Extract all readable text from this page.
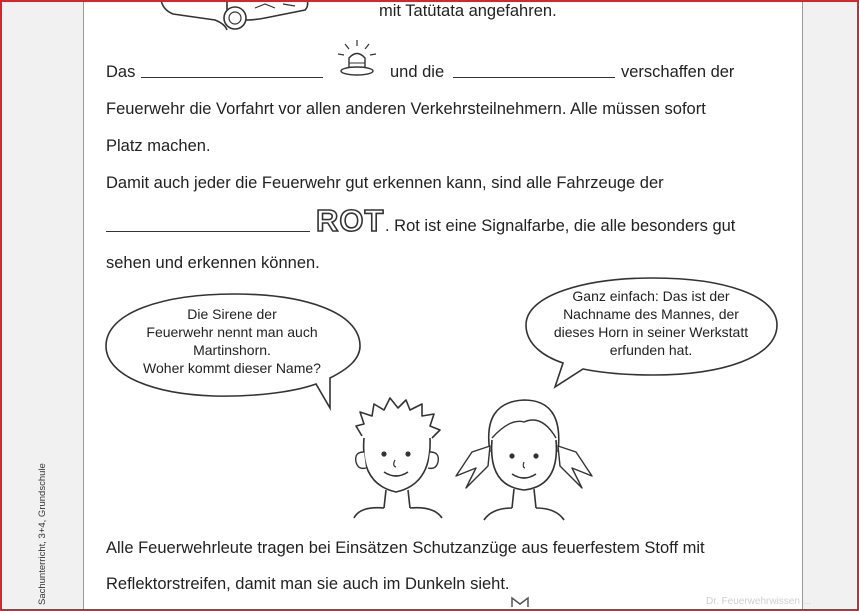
mit Tatütata angefahren.
Das	und die	verschaffen der
Feuerwehr die Vorfahrt vor allen anderen Verkehrsteilnehmern. Alle müssen sofort
Platz machen.
Damit auch jeder die Feuerwehr gut erkennen kann, sind alle Fahrzeuge der
ROT . Rot ist eine Signalfarbe, die alle besonders gut
sehen und erkennen können.
Die Sirene der
Feuerwehr nennt man auch
Martinshorn.
Woher kommt dieser Name?
Ganz einfach: Das ist der
Nachname des Mannes, der
dieses Horn in seiner Werkstatt
erfunden hat.
Alle Feuerwehrleute tragen bei Einsätzen Schutzanzüge aus feuerfestem Stoff mit
Reflektorstreifen, damit man sie auch im Dunkeln sieht.
Sachunterricht, 3+4, Grundschule	Dr. Feuerwehrwissen ...
